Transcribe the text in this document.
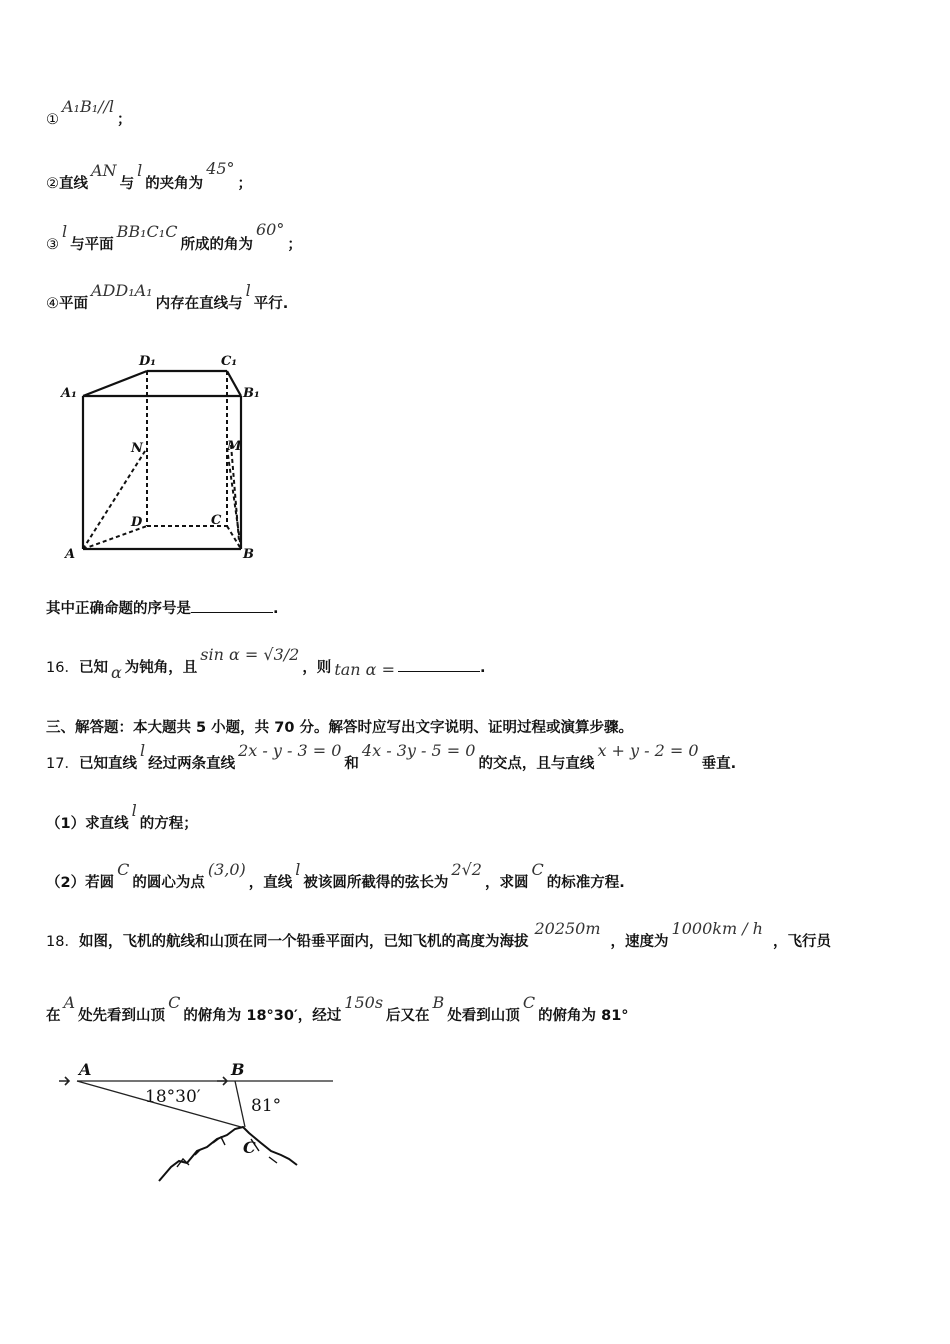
①A₁B₁//l；
②直线AN与l的夹角为45°；
③l与平面BB₁C₁C所成的角为60°；
④平面ADD₁A₁内存在直线与l平行.
D₁	C₁
A₁	B₁
N	M
D	C
A	B
其中正确命题的序号是	.
16．已知 α 为钝角，且sin α = √3/2，则 tan α =	.
三、解答题：本大题共 5 小题，共 70 分。解答时应写出文字说明、证明过程或演算步骤。
17．已知直线l经过两条直线2x - y - 3 = 0和4x - 3y - 5 = 0的交点，且与直线x + y - 2 = 0垂直.
（1）求直线l的方程；
（2）若圆C的圆心为点(3,0)，直线l被该圆所截得的弦长为2√2，求圆C的标准方程.
18．如图，飞机的航线和山顶在同一个铅垂平面内，已知飞机的高度为海拔20250m，速度为1000km / h，飞行员
在A处先看到山顶C的俯角为 18°30′，经过150s后又在B处看到山顶C的俯角为 81°
A	B
18°30′	81°
C
